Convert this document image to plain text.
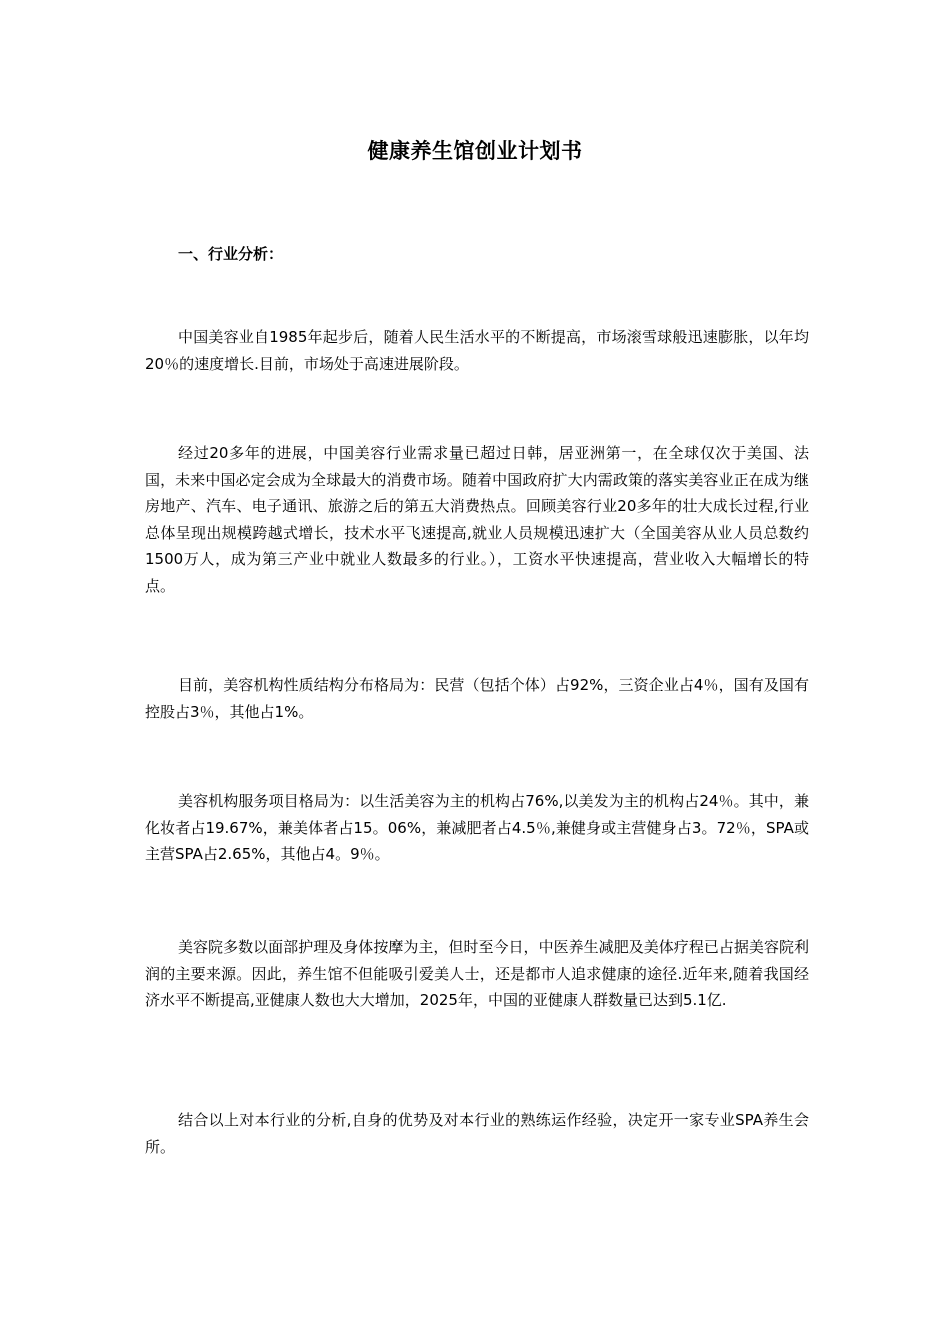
健康养生馆创业计划书
一、行业分析：

中国美容业自1985年起步后，随着人民生活水平的不断提高，市场滚雪球般迅速膨胀，以年均20％的速度增长.目前，市场处于高速进展阶段。

经过20多年的进展，中国美容行业需求量已超过日韩，居亚洲第一，在全球仅次于美国、法国，未来中国必定会成为全球最大的消费市场。随着中国政府扩大内需政策的落实美容业正在成为继房地产、汽车、电子通讯、旅游之后的第五大消费热点。回顾美容行业20多年的壮大成长过程,行业总体呈现出规模跨越式增长，技术水平飞速提高,就业人员规模迅速扩大（全国美容从业人员总数约1500万人，成为第三产业中就业人数最多的行业。），工资水平快速提高，营业收入大幅增长的特点。

目前，美容机构性质结构分布格局为：民营（包括个体）占92%，三资企业占4％，国有及国有控股占3％，其他占1%。

美容机构服务项目格局为：以生活美容为主的机构占76%,以美发为主的机构占24％。其中，兼化妆者占19.67%，兼美体者占15。06%，兼减肥者占4.5％,兼健身或主营健身占3。72％，SPA或主营SPA占2.65%，其他占4。9％。

美容院多数以面部护理及身体按摩为主，但时至今日，中医养生减肥及美体疗程已占据美容院利润的主要来源。因此，养生馆不但能吸引爱美人士，还是都市人追求健康的途径.近年来,随着我国经济水平不断提高,亚健康人数也大大增加，2025年，中国的亚健康人群数量已达到5.1亿.

结合以上对本行业的分析,自身的优势及对本行业的熟练运作经验，决定开一家专业SPA养生会所。
